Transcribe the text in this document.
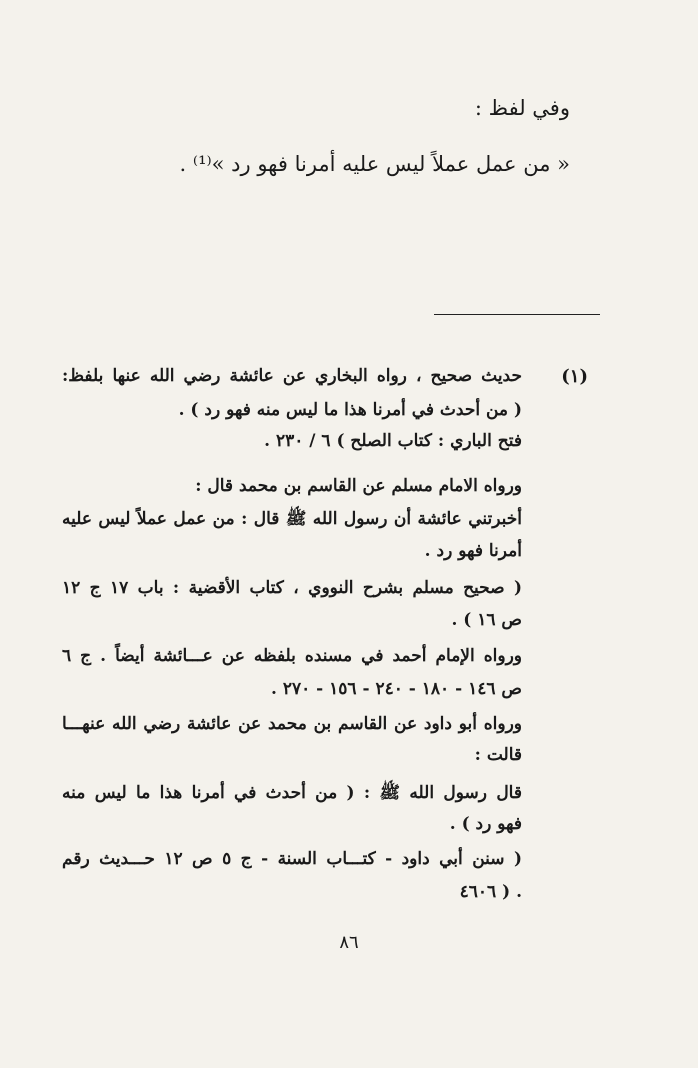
وفي لفظ :
« من عمل عملاً ليس عليه أمرنا فهو رد »⁽¹⁾ .
(١)
حديث صحيح ، رواه البخاري عن عائشة رضي الله عنها بلفظ:
( من أحدث في أمرنا هذا ما ليس منه فهو رد ) .
فتح الباري : كتاب الصلح ) ٦ / ٢٣٠ .
ورواه الامام مسلم عن القاسم بن محمد قال :
أخبرتني عائشة أن رسول الله ﷺ قال : من عمل عملاً ليس عليه
أمرنا فهو رد .
( صحيح مسلم بشرح النووي ، كتاب الأقضية : باب ١٧ ج ١٢
ص ١٦ ) .
ورواه الإمام أحمد في مسنده بلفظه عن عـــائشة أيضاً . ج ٦
ص ١٤٦ - ١٨٠ - ٢٤٠ - ١٥٦ - ٢٧٠ .
ورواه أبو داود عن القاسم بن محمد عن عائشة رضي الله عنهـــا
قالت :
قال رسول الله ﷺ : ( من أحدث في أمرنا هذا ما ليس منه
فهو رد ) .
( سنن أبي داود - كتـــاب السنة - ج ٥ ص ١٢ حـــديث رقم
٤٦٠٦ ) .
٨٦
